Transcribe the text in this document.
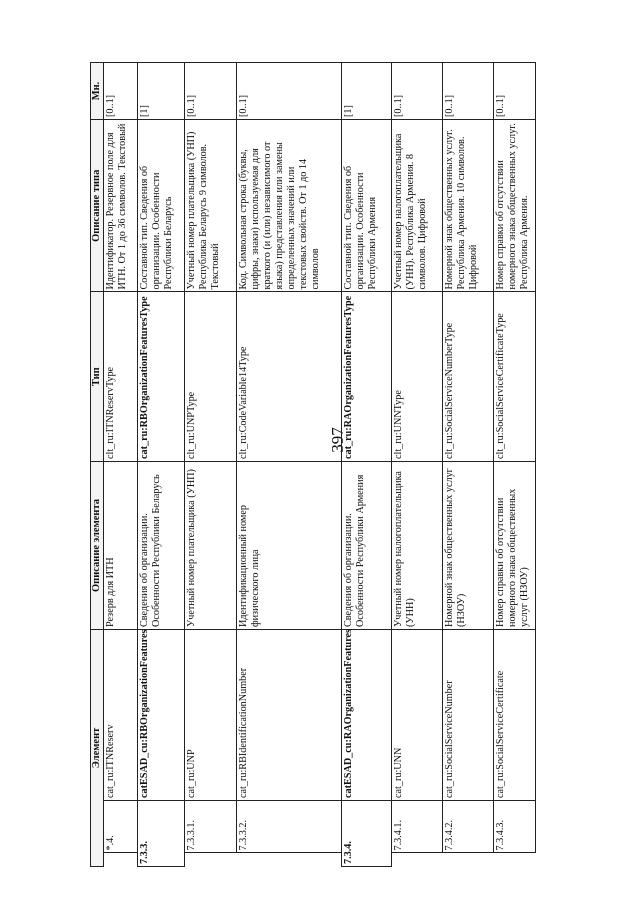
397
Элемент			Описание элемента	Тип	Описание типа	Мн.
	*.4.	cat_ru:ITNReserv	Резерв для ИТН	clt_ru:ITNReservType	Идентификатор. Резервное поле для ИТН. От 1 до 36 символов. Текстовый	[0..1]
7.3.3.		catESAD_cu:RBOrganizationFeatures	Сведения об организации. Особенности Республики Беларусь	cat_ru:RBOrganizationFeaturesType	Составной тип. Сведения об организации. Особенности Республики Беларусь	[1]
	7.3.3.1.	cat_ru:UNP	Учетный номер плательщика (УНП)	clt_ru:UNPType	Учетный номер плательщика (УНП) Республика Беларусь 9 символов. Текстовый	[0..1]
	7.3.3.2.	cat_ru:RBIdentificationNumber	Идентификационный номер физического лица	clt_ru:CodeVariable14Type	Код. Символьная строка (буквы, цифры, знаки) используемая для краткого (и (или) независимого от языка) представления или замены определенных значений или текстовых свойств. От 1 до 14 символов	[0..1]
7.3.4.		catESAD_cu:RAOrganizationFeatures	Сведения об организации. Особенности Республики Армения	cat_ru:RAOrganizationFeaturesType	Составной тип. Сведения об организации. Особенности Республики Армения	[1]
	7.3.4.1.	cat_ru:UNN	Учетный номер налогоплательщика (УНН)	clt_ru:UNNType	Учетный номер налогоплательщика (УНН). Республика Армения. 8 символов. Цифровой	[0..1]
	7.3.4.2.	cat_ru:SocialServiceNumber	Номерной знак общественных услуг (НЗОУ)	clt_ru:SocialServiceNumberType	Номерной знак общественных услуг. Республика Армения. 10 символов. Цифровой	[0..1]
	7.3.4.3.	cat_ru:SocialServiceCertificate	Номер справки об отсутствии номерного знака общественных услуг (НЗОУ)	clt_ru:SocialServiceCertificateType	Номер справки об отсутствии номерного знака общественных услуг. Республика Армения.	[0..1]
